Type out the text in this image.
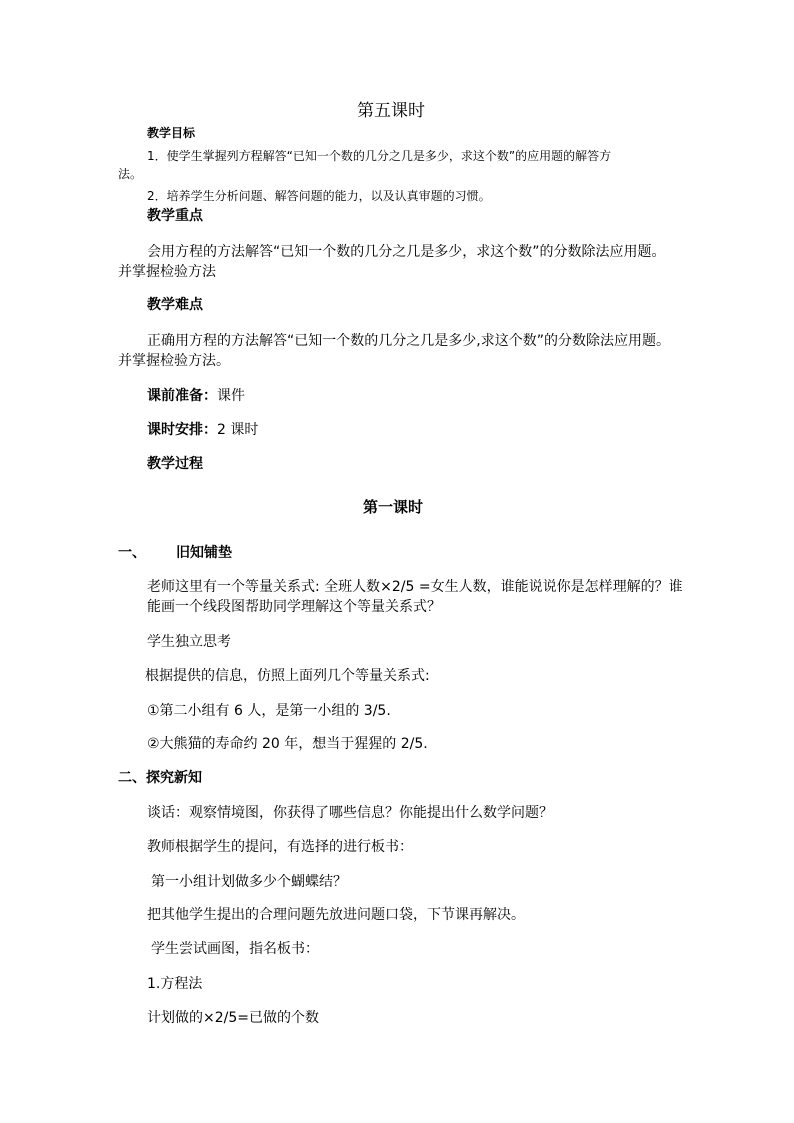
第五课时
教学目标
1．使学生掌握列方程解答“已知一个数的几分之几是多少，求这个数”的应用题的解答方
法。
2．培养学生分析问题、解答问题的能力，以及认真审题的习惯。
教学重点
会用方程的方法解答“已知一个数的几分之几是多少，求这个数”的分数除法应用题。
并掌握检验方法
教学难点
正确用方程的方法解答“已知一个数的几分之几是多少,求这个数”的分数除法应用题。
并掌握检验方法。
课前准备：课件
课时安排：2 课时
教学过程
第一课时
一、 旧知铺垫
老师这里有一个等量关系式: 全班人数×2/5 =女生人数，谁能说说你是怎样理解的？谁
能画一个线段图帮助同学理解这个等量关系式？
学生独立思考
根据提供的信息，仿照上面列几个等量关系式:
①第二小组有 6 人，是第一小组的 3/5.
②大熊猫的寿命约 20 年，想当于猩猩的 2/5.
二、探究新知
谈话：观察情境图，你获得了哪些信息？你能提出什么数学问题？
教师根据学生的提问，有选择的进行板书：
第一小组计划做多少个蝴蝶结？
把其他学生提出的合理问题先放进问题口袋，下节课再解决。
学生尝试画图，指名板书：
1.方程法
计划做的×2/5=已做的个数
